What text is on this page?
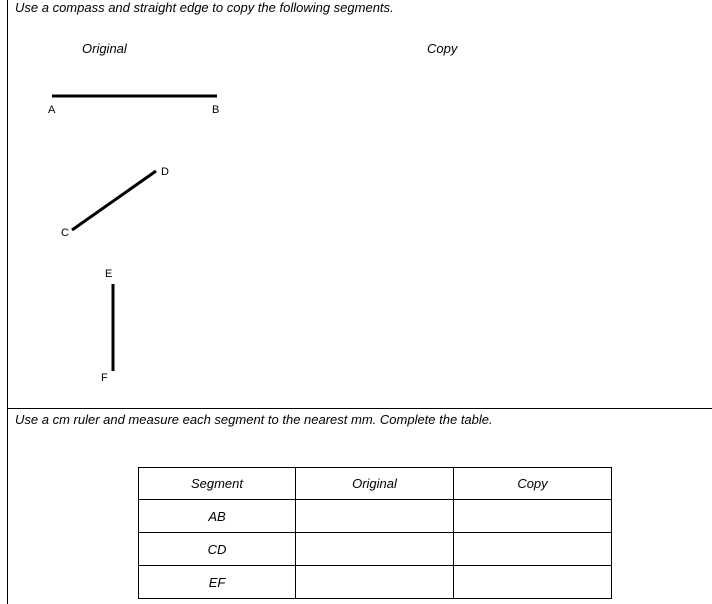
Use a compass and straight edge to copy the following segments.
Original	Copy
A	B
C
D
E
F
Use a cm ruler and measure each segment to the nearest mm. Complete the table.
Segment	Original	Copy
AB		
CD		
EF		
